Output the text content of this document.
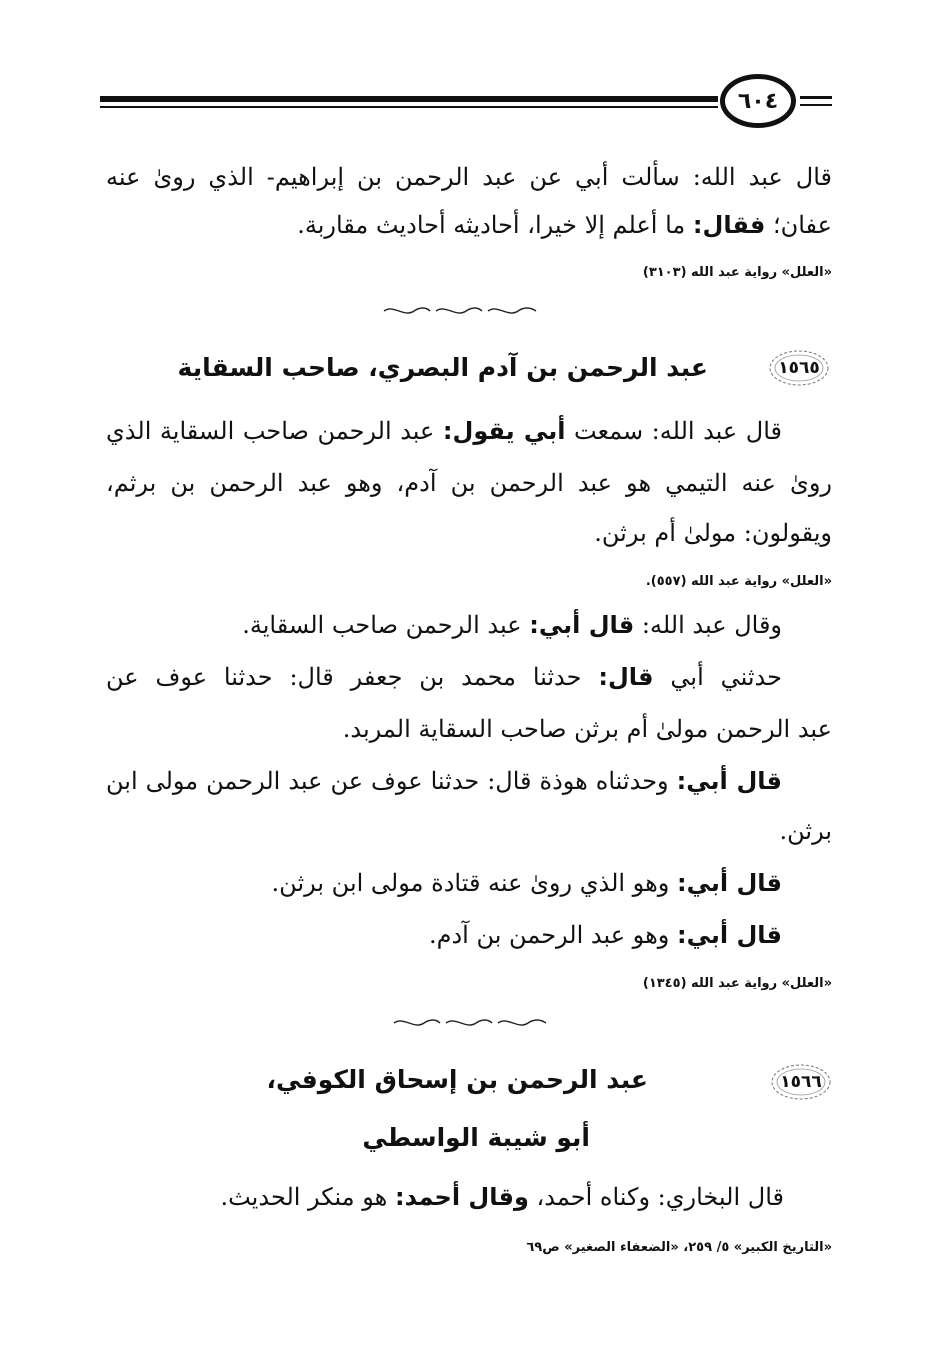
٦٠٤
قال عبد الله: سألت أبي عن عبد الرحمن بن إبراهيم- الذي رویٰ عنه
عفان؛ فقال: ما أعلم إلا خيرا، أحاديثه أحاديث مقاربة.
«العلل» رواية عبد الله (٣١٠٣)
١٥٦٥
عبد الرحمن بن آدم البصري، صاحب السقاية
قال عبد الله: سمعت أبي يقول: عبد الرحمن صاحب السقاية الذي
رویٰ عنه التيمي هو عبد الرحمن بن آدم، وهو عبد الرحمن بن برثم،
ويقولون: مولیٰ أم برثن.
«العلل» رواية عبد الله (٥٥٧).
وقال عبد الله: قال أبي: عبد الرحمن صاحب السقاية.
حدثني أبي قال: حدثنا محمد بن جعفر قال: حدثنا عوف عن
عبد الرحمن مولیٰ أم برثن صاحب السقاية المربد.
قال أبي: وحدثناه هوذة قال: حدثنا عوف عن عبد الرحمن مولى ابن
برثن.
قال أبي: وهو الذي رویٰ عنه قتادة مولى ابن برثن.
قال أبي: وهو عبد الرحمن بن آدم.
«العلل» رواية عبد الله (١٣٤٥)
١٥٦٦
عبد الرحمن بن إسحاق الكوفي،
أبو شيبة الواسطي
قال البخاري: وكناه أحمد، وقال أحمد: هو منكر الحديث.
«التاريخ الكبير» ٥/ ٢٥٩، «الضعفاء الصغير» ص٦٩
